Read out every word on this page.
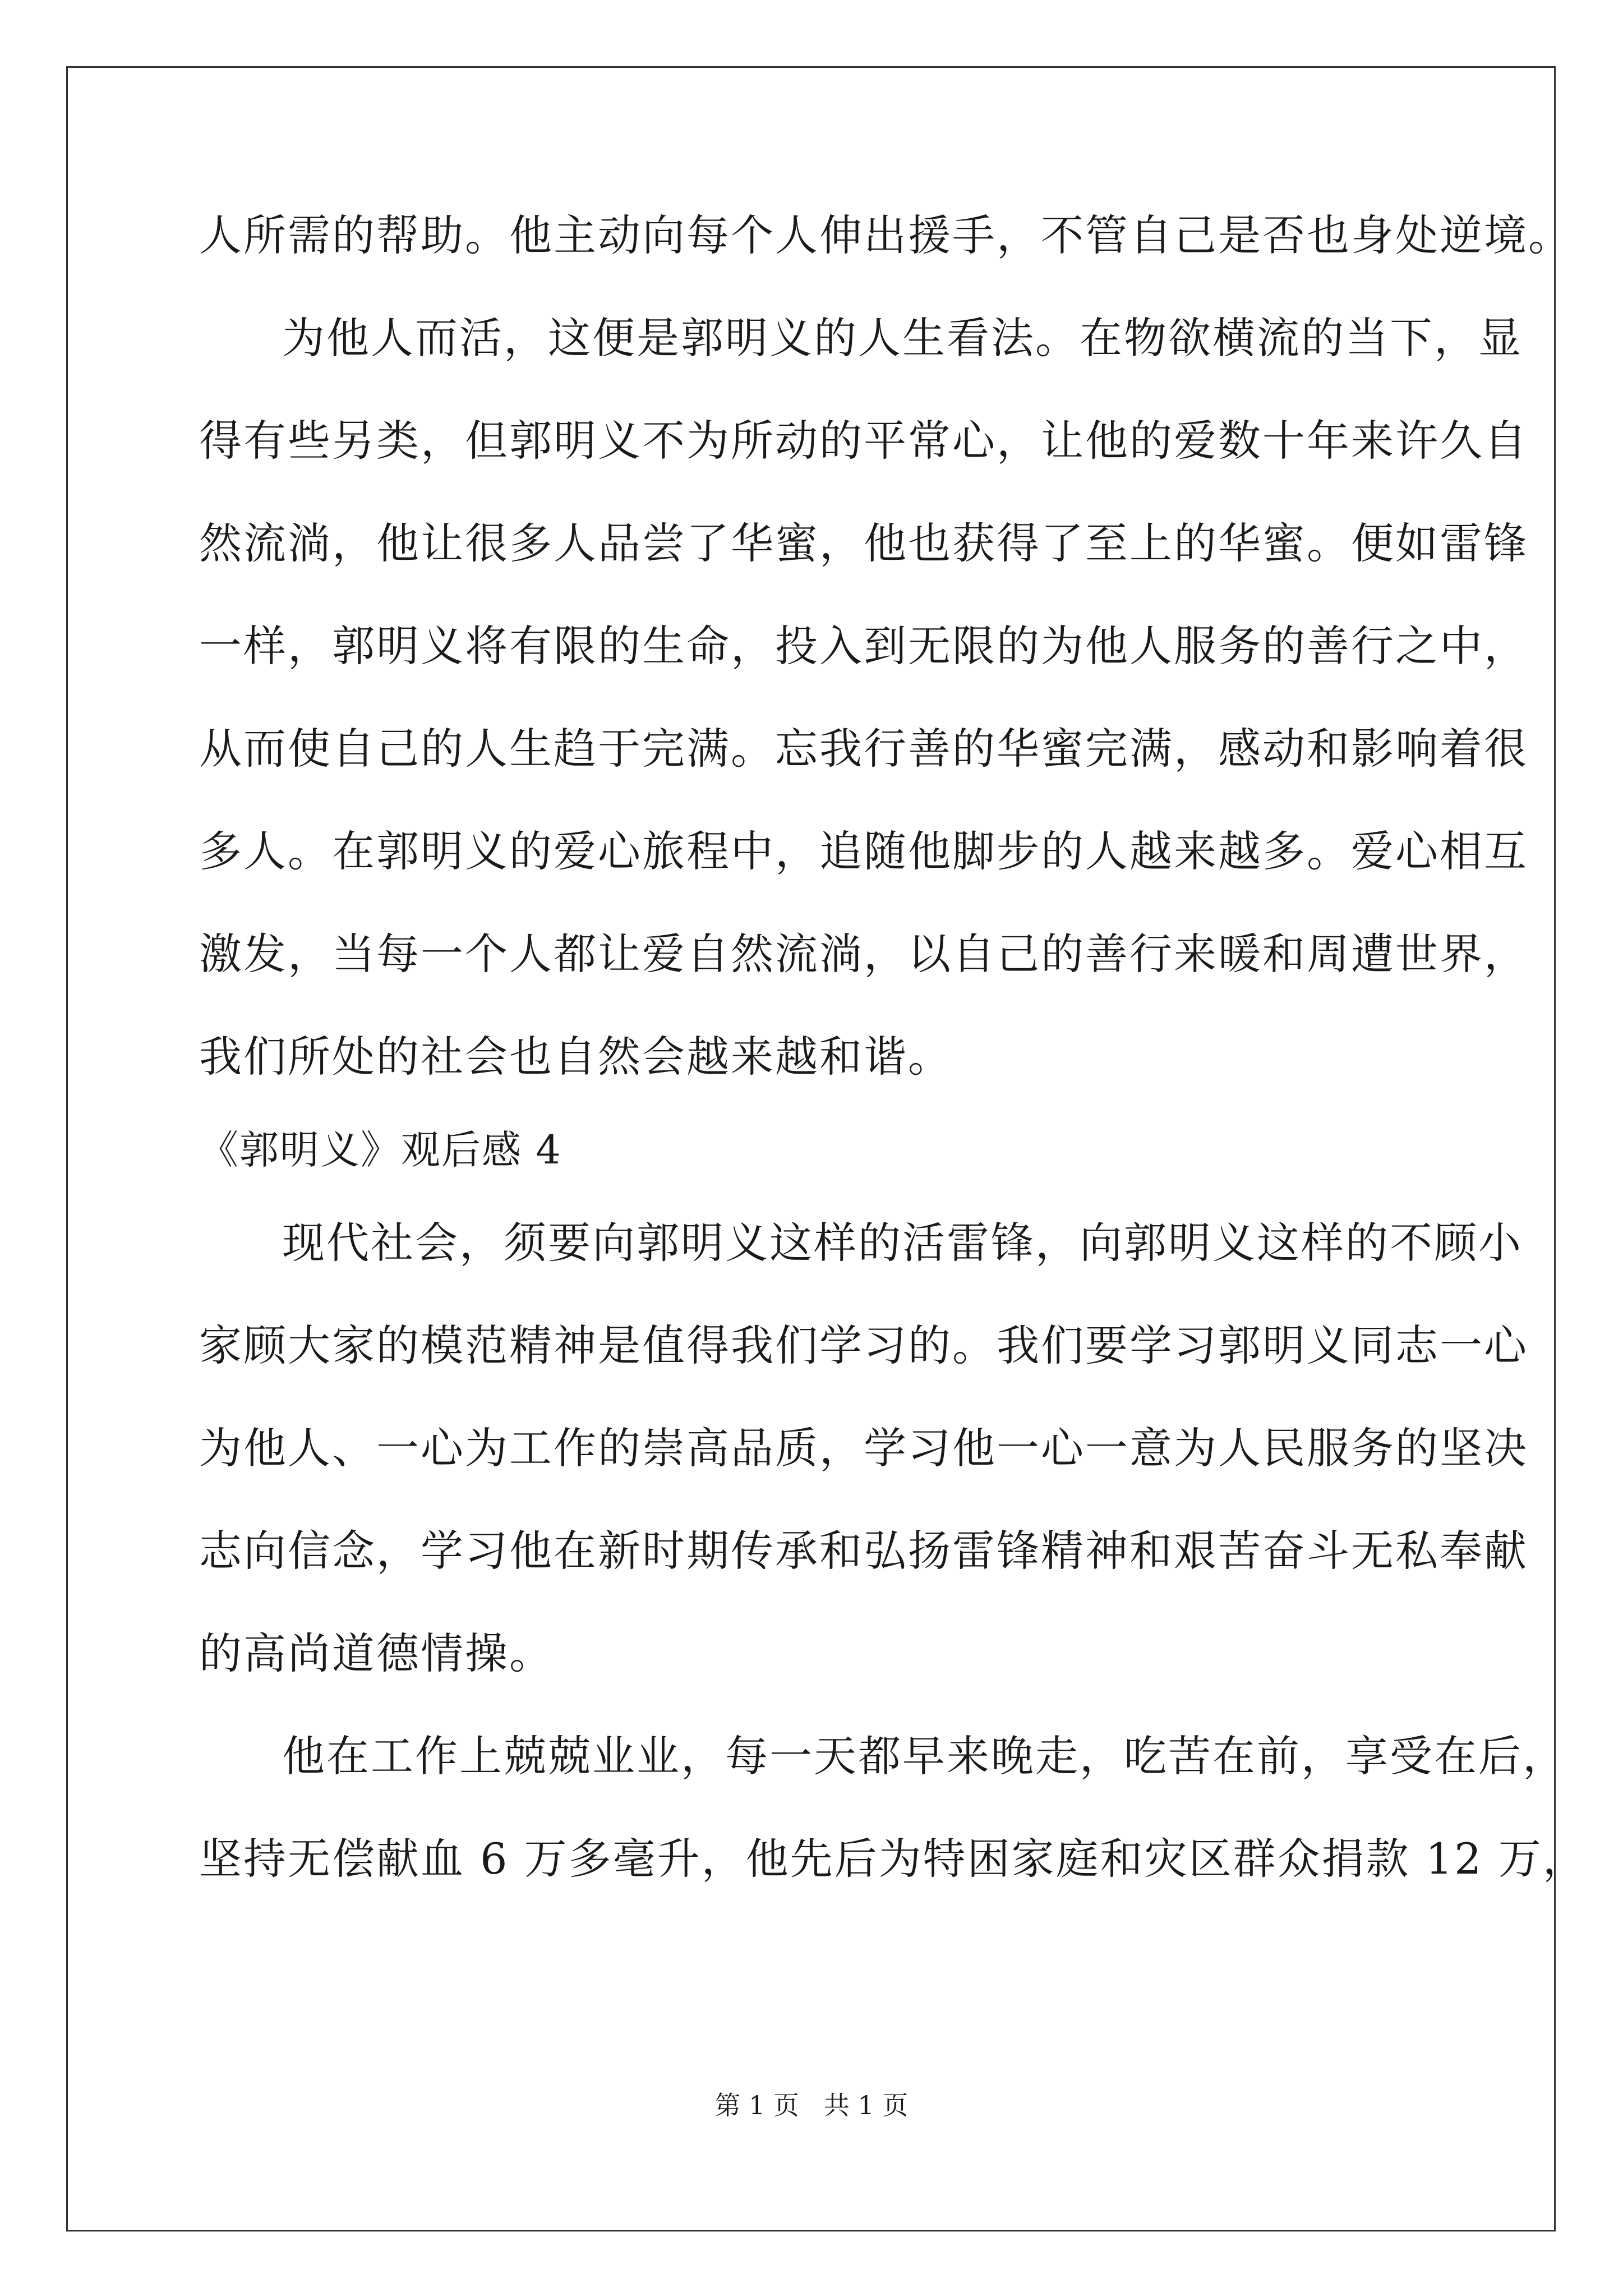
人所需的帮助。他主动向每个人伸出援手，不管自己是否也身处逆境。
为他人而活，这便是郭明义的人生看法。在物欲横流的当下，显
得有些另类，但郭明义不为所动的平常心，让他的爱数十年来许久自
然流淌，他让很多人品尝了华蜜，他也获得了至上的华蜜。便如雷锋
一样，郭明义将有限的生命，投入到无限的为他人服务的善行之中，
从而使自己的人生趋于完满。忘我行善的华蜜完满，感动和影响着很
多人。在郭明义的爱心旅程中，追随他脚步的人越来越多。爱心相互
激发，当每一个人都让爱自然流淌，以自己的善行来暖和周遭世界，
我们所处的社会也自然会越来越和谐。
《郭明义》观后感 4
现代社会，须要向郭明义这样的活雷锋，向郭明义这样的不顾小
家顾大家的模范精神是值得我们学习的。我们要学习郭明义同志一心
为他人、一心为工作的崇高品质，学习他一心一意为人民服务的坚决
志向信念，学习他在新时期传承和弘扬雷锋精神和艰苦奋斗无私奉献
的高尚道德情操。
他在工作上兢兢业业，每一天都早来晚走，吃苦在前，享受在后，
坚持无偿献血 6 万多毫升，他先后为特困家庭和灾区群众捐款 12 万，
第 1 页   共 1 页
